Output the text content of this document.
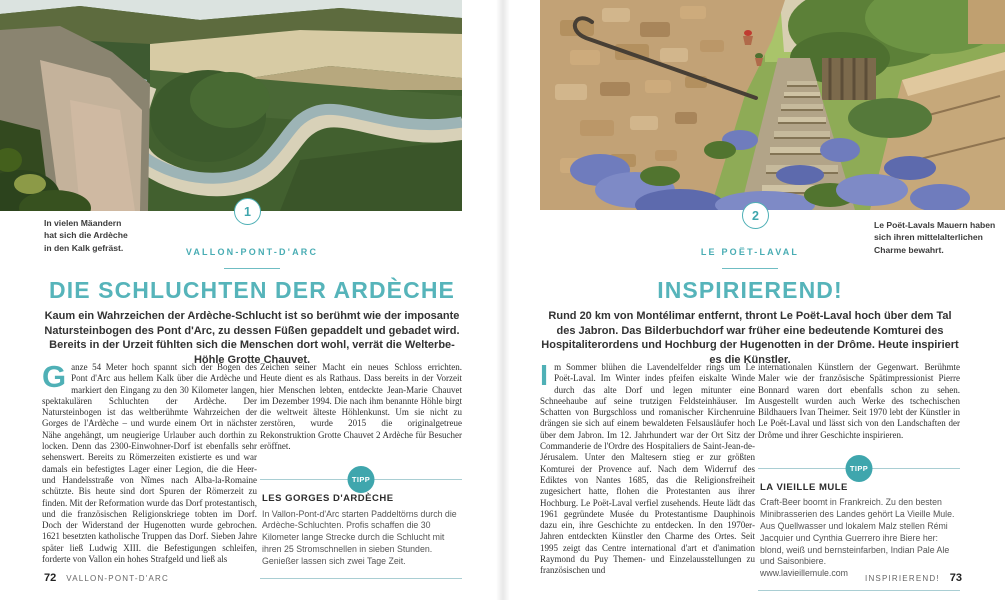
1
In vielen Mäandern
hat sich die Ardèche
in den Kalk gefräst.	VALLON-PONT-D'ARC
DIE SCHLUCHTEN DER ARDÈCHE
Kaum ein Wahrzeichen der Ardèche-Schlucht ist so berühmt wie der imposante Natursteinbogen des Pont d'Arc, zu dessen Füßen gepaddelt und gebadet wird. Bereits in der Urzeit fühlten sich die Menschen dort wohl, verrät die Welterbe-Höhle Grotte Chauvet.
Ganze 54 Meter hoch spannt sich der Bogen des Pont d'Arc aus hellem Kalk über die Ardèche und markiert den Eingang zu den 30 Kilometer langen, spektakulären Schluchten der Ardèche. Der Natursteinbogen ist das weltberühmte Wahrzeichen der Gorges de l'Ardèche – und wurde einem Ort in nächster Nähe angehängt, um neugierige Urlauber auch dorthin zu locken. Denn das 2300-Einwohner-Dorf ist ebenfalls sehr sehenswert. Bereits zu Römerzeiten existierte es und war damals ein befestigtes Lager einer Legion, die die Heer- und Handelsstraße von Nîmes nach Alba-la-Romaine schützte. Bis heute sind dort Spuren der Römerzeit zu finden. Mit der Reformation wurde das Dorf protestantisch, und die französischen Religionskriege tobten im Dorf. Doch der Widerstand der Hugenotten wurde gebrochen. 1621 besetzten katholische Truppen das Dorf. Sieben Jahre später ließ Ludwig XIII. die Befestigungen schleifen, forderte von Vallon ein hohes Strafgeld und ließ als
Zeichen seiner Macht ein neues Schloss errichten. Heute dient es als Rathaus. Dass bereits in der Vorzeit hier Menschen lebten, entdeckte Jean-Marie Chauvet im Dezember 1994. Die nach ihm benannte Höhle birgt die weltweit älteste Höhlenkunst. Um sie nicht zu zerstören, wurde 2015 die originalgetreue Rekonstruktion Grotte Chauvet 2 Ardèche für Besucher eröffnet.
TIPP
LES GORGES D'ARDÈCHE
In Vallon-Pont-d'Arc starten Paddeltörns durch die Ardèche-Schluchten. Profis schaffen die 30 Kilometer lange Strecke durch die Schlucht mit ihren 25 Stromschnellen in sieben Stunden. Genießer lassen sich zwei Tage Zeit.
72 VALLON-PONT-D'ARC
2
Le Poët-Lavals Mauern haben
sich ihren mittelalterlichen
Charme bewahrt.
LE POËT-LAVAL
INSPIRIEREND!
Rund 20 km von Montélimar entfernt, thront Le Poët-Laval hoch über dem Tal des Jabron. Das Bilderbuchdorf war früher eine bedeutende Komturei des Hospitaliterordens und Hochburg der Hugenotten in der Drôme. Heute inspiriert es die Künstler.
Im Sommer blühen die Lavendelfelder rings um Le Poët-Laval. Im Winter indes pfeifen eiskalte Winde durch das alte Dorf und legen mitunter eine Schneehaube auf seine trutzigen Feldsteinhäuser. Im Schatten von Burgschloss und romanischer Kirchenruine drängen sie sich auf einem bewaldeten Felsausläufer hoch über dem Jabron. Im 12. Jahrhundert war der Ort Sitz der Commanderie de l'Ordre des Hospitaliers de Saint-Jean-de-Jérusalem. Unter den Maltesern stieg er zur größten Komturei der Provence auf. Nach dem Widerruf des Ediktes von Nantes 1685, das die Religionsfreiheit zugesichert hatte, flohen die Protestanten aus ihrer Hochburg. Le Poët-Laval verfiel zusehends. Heute lädt das 1961 gegründete Musée du Protestantisme Dauphinois dazu ein, ihre Geschichte zu entdecken. In den 1970er-Jahren entdeckten Künstler den Charme des Ortes. Seit 1995 zeigt das Centre international d'art et d'animation Raymond du Puy Themen- und Einzelausstellungen zu französischen und
internationalen Künstlern der Gegenwart. Berühmte Maler wie der französische Spätimpressionist Pierre Bonnard waren dort ebenfalls schon zu sehen. Ausgestellt wurden auch Werke des tschechischen Bildhauers Ivan Theimer. Seit 1970 lebt der Künstler in Le Poët-Laval und lässt sich von den Landschaften der Drôme und ihrer Geschichte inspirieren.
TIPP
LA VIEILLE MULE
Craft-Beer boomt in Frankreich. Zu den besten Minibrasserien des Landes gehört La Vieille Mule. Aus Quellwasser und lokalem Malz stellen Rémi Jacquier und Cynthia Guerrero ihre Biere her: blond, weiß und bernsteinfarben, Indian Pale Ale und Saisonbiere.
www.lavieillemule.com
INSPIRIEREND! 73
